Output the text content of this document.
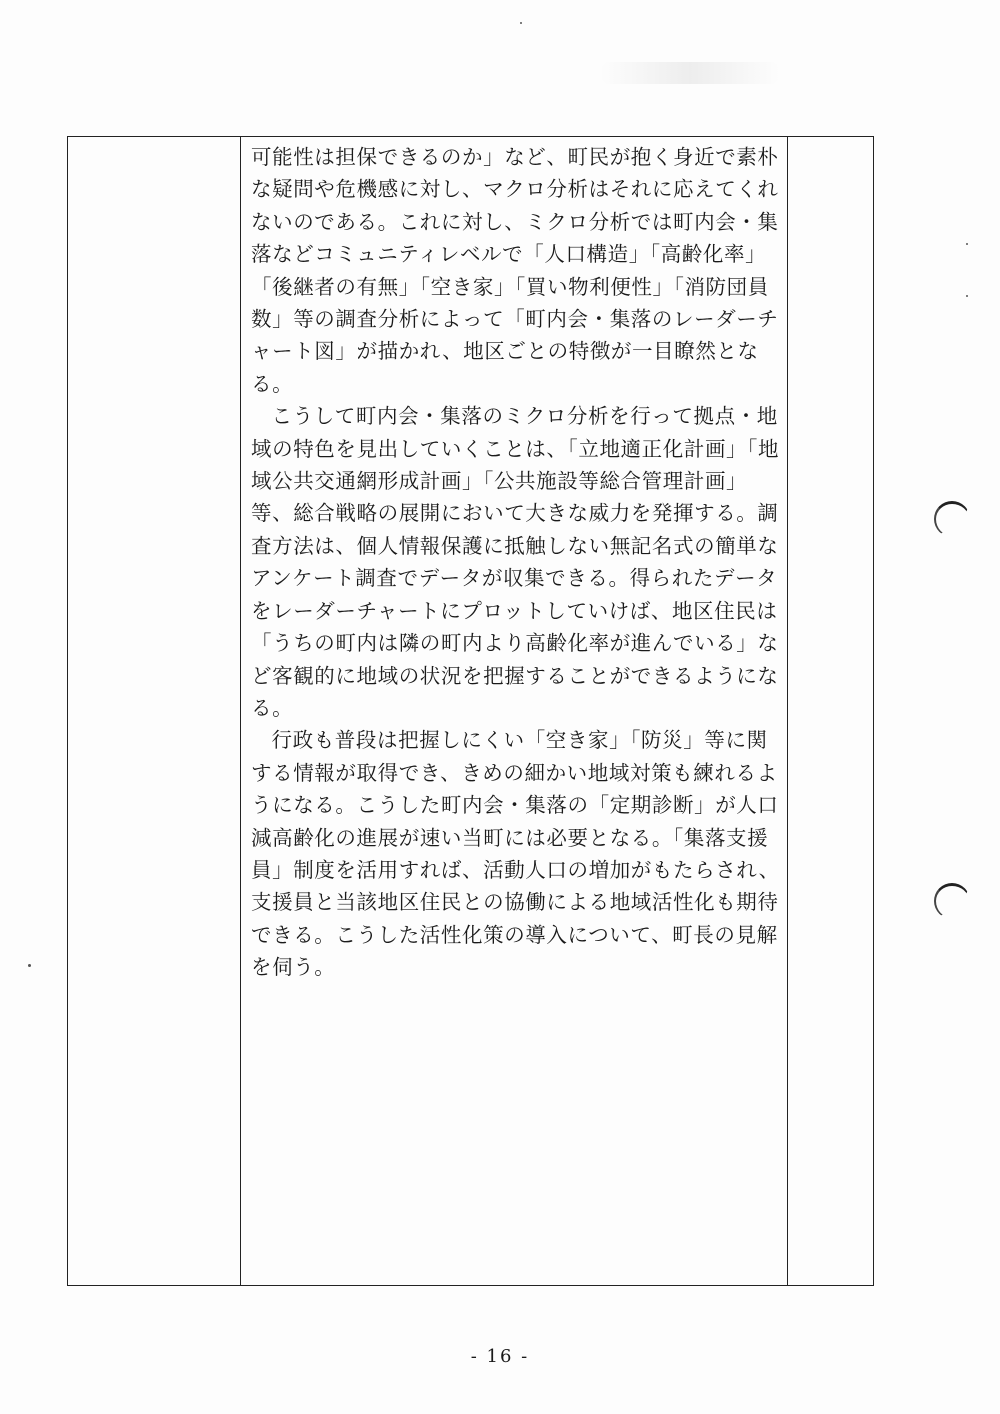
可能性は担保できるのか」など、町民が抱く身近で素朴な疑問や危機感に対し、マクロ分析はそれに応えてくれないのである。これに対し、ミクロ分析では町内会・集落などコミュニティレベルで「人口構造」「高齢化率」「後継者の有無」「空き家」「買い物利便性」「消防団員数」等の調査分析によって「町内会・集落のレーダーチャート図」が描かれ、地区ごとの特徴が一目瞭然となる。

こうして町内会・集落のミクロ分析を行って拠点・地域の特色を見出していくことは、「立地適正化計画」「地域公共交通網形成計画」「公共施設等総合管理計画」等、総合戦略の展開において大きな威力を発揮する。調査方法は、個人情報保護に抵触しない無記名式の簡単なアンケート調査でデータが収集できる。得られたデータをレーダーチャートにプロットしていけば、地区住民は「うちの町内は隣の町内より高齢化率が進んでいる」など客観的に地域の状況を把握することができるようになる。

行政も普段は把握しにくい「空き家」「防災」等に関する情報が取得でき、きめの細かい地域対策も練れるようになる。こうした町内会・集落の「定期診断」が人口減高齢化の進展が速い当町には必要となる。「集落支援員」制度を活用すれば、活動人口の増加がもたらされ、支援員と当該地区住民との協働による地域活性化も期待できる。こうした活性化策の導入について、町長の見解を伺う。

- 16 -
